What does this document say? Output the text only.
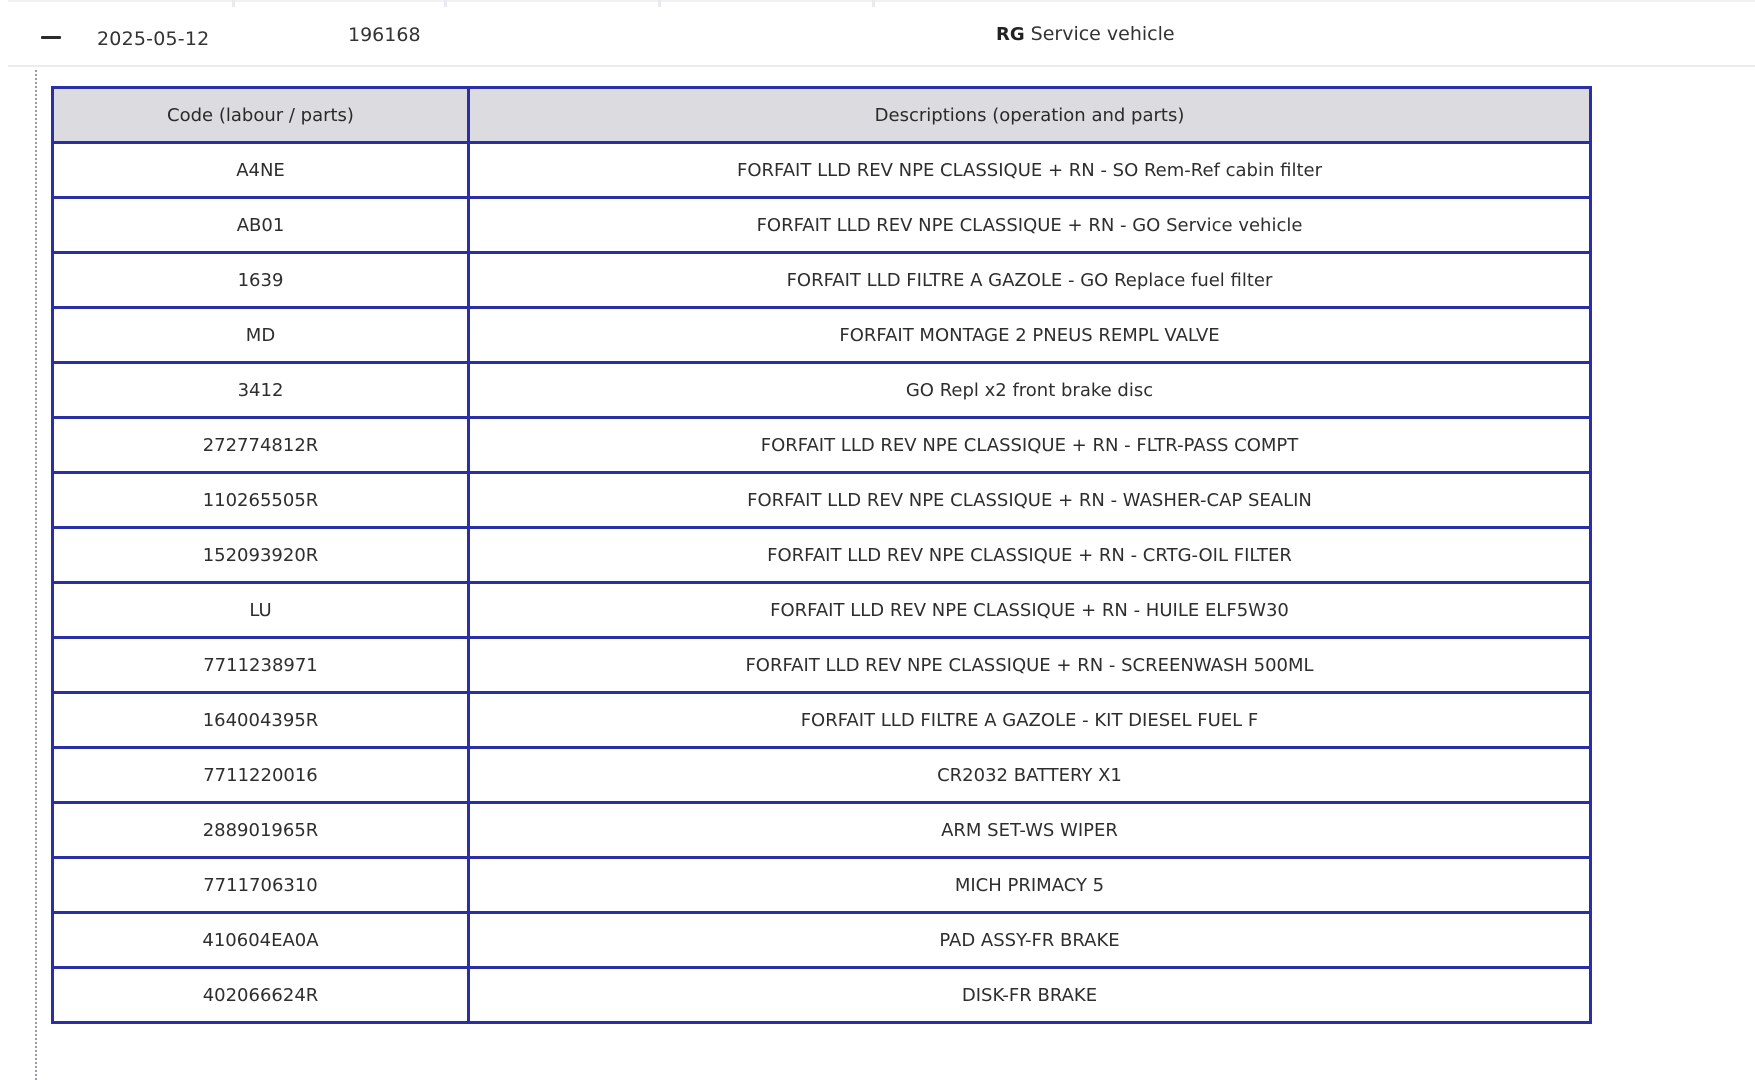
2025-05-12	196168	RG Service vehicle
Code (labour / parts)	Descriptions (operation and parts)
A4NE	FORFAIT LLD REV NPE CLASSIQUE + RN - SO Rem-Ref cabin filter
AB01	FORFAIT LLD REV NPE CLASSIQUE + RN - GO Service vehicle
1639	FORFAIT LLD FILTRE A GAZOLE - GO Replace fuel filter
MD	FORFAIT MONTAGE 2 PNEUS REMPL VALVE
3412	GO Repl x2 front brake disc
272774812R	FORFAIT LLD REV NPE CLASSIQUE + RN - FLTR-PASS COMPT
110265505R	FORFAIT LLD REV NPE CLASSIQUE + RN - WASHER-CAP SEALIN
152093920R	FORFAIT LLD REV NPE CLASSIQUE + RN - CRTG-OIL FILTER
LU	FORFAIT LLD REV NPE CLASSIQUE + RN - HUILE ELF5W30
7711238971	FORFAIT LLD REV NPE CLASSIQUE + RN - SCREENWASH 500ML
164004395R	FORFAIT LLD FILTRE A GAZOLE - KIT DIESEL FUEL F
7711220016	CR2032 BATTERY X1
288901965R	ARM SET-WS WIPER
7711706310	MICH PRIMACY 5
410604EA0A	PAD ASSY-FR BRAKE
402066624R	DISK-FR BRAKE
